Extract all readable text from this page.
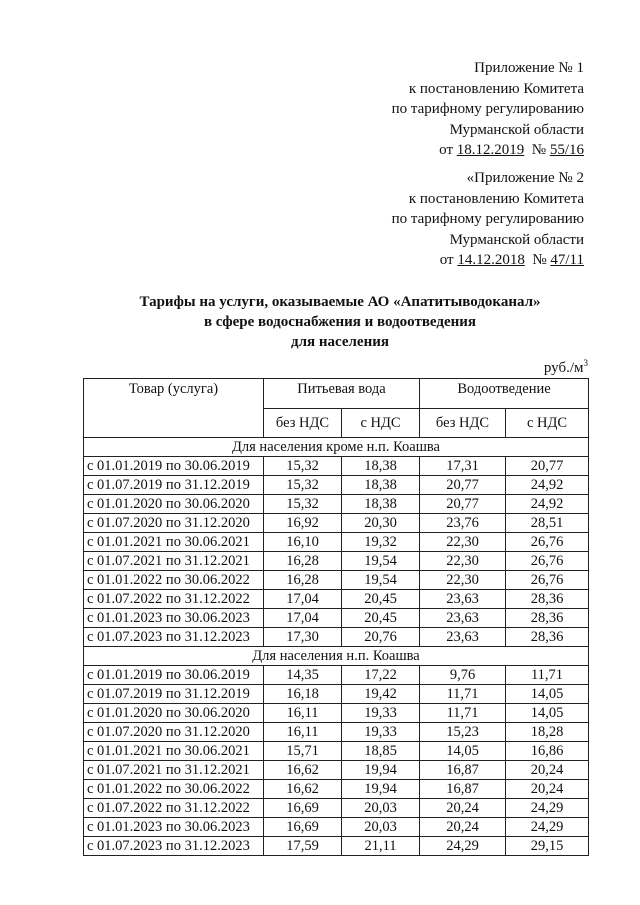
Приложение № 1
к постановлению Комитета
по тарифному регулированию
Мурманской области
от 18.12.2019 № 55/16
«Приложение № 2
к постановлению Комитета
по тарифному регулированию
Мурманской области
от 14.12.2018 № 47/11
Тарифы на услуги, оказываемые АО «Апатитыводоканал»
в сфере водоснабжения и водоотведения
для населения
$руб./м^3$
Товар (услуга)	Питьевая вода		Водоотведение	
	без НДС	с НДС	без НДС	с НДС
Для населения кроме н.п. Коашва				
с 01.01.2019 по 30.06.2019	15,32	18,38	17,31	20,77
с 01.07.2019 по 31.12.2019	15,32	18,38	20,77	24,92
с 01.01.2020 по 30.06.2020	15,32	18,38	20,77	24,92
с 01.07.2020 по 31.12.2020	16,92	20,30	23,76	28,51
с 01.01.2021 по 30.06.2021	16,10	19,32	22,30	26,76
с 01.07.2021 по 31.12.2021	16,28	19,54	22,30	26,76
с 01.01.2022 по 30.06.2022	16,28	19,54	22,30	26,76
с 01.07.2022 по 31.12.2022	17,04	20,45	23,63	28,36
с 01.01.2023 по 30.06.2023	17,04	20,45	23,63	28,36
с 01.07.2023 по 31.12.2023	17,30	20,76	23,63	28,36
Для населения н.п. Коашва				
с 01.01.2019 по 30.06.2019	14,35	17,22	9,76	11,71
с 01.07.2019 по 31.12.2019	16,18	19,42	11,71	14,05
с 01.01.2020 по 30.06.2020	16,11	19,33	11,71	14,05
с 01.07.2020 по 31.12.2020	16,11	19,33	15,23	18,28
с 01.01.2021 по 30.06.2021	15,71	18,85	14,05	16,86
с 01.07.2021 по 31.12.2021	16,62	19,94	16,87	20,24
с 01.01.2022 по 30.06.2022	16,62	19,94	16,87	20,24
с 01.07.2022 по 31.12.2022	16,69	20,03	20,24	24,29
с 01.01.2023 по 30.06.2023	16,69	20,03	20,24	24,29
с 01.07.2023 по 31.12.2023	17,59	21,11	24,29	29,15
